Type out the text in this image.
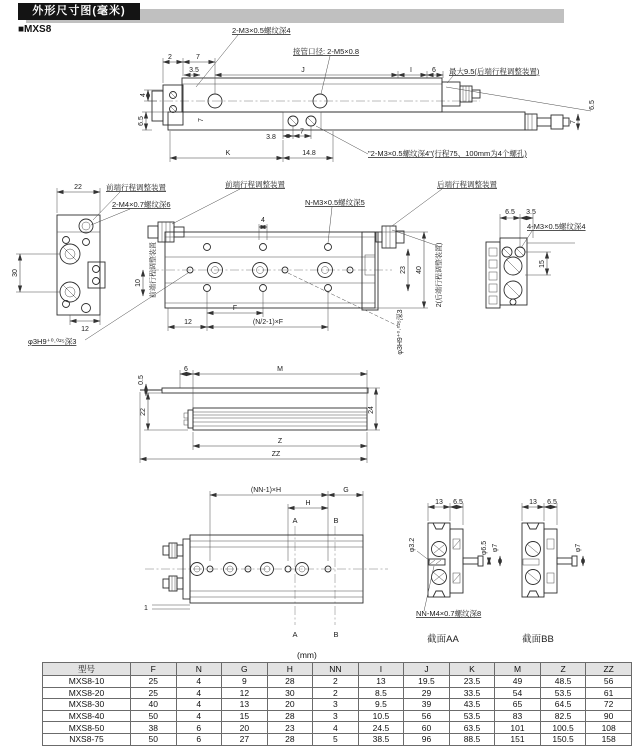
外形尺寸图(毫米)
■MXS8
2	7
3.5	J	I	6
4
6.5	7
3.8
7
K	14.8
7
6.5
2-M3×0.5螺纹深4
接管口径: 2-M5×0.8
最大9.5(后端行程调整装置)
"2-M3×0.5螺纹深4"(行程75、100mm为4个螺孔)
22	前端行程调整装置
2-M4×0.7螺纹深6
30
12
前端行程调整装置
4
N-M3×0.5螺纹深5
后端行程调整装置
40
23	2(后端行程调整装置)
10 前端行程调整装置
F
12	(N/2-1)×F
φ3H9⁺⁰·⁰²⁵深3	φ3H9⁺⁰·⁰²⁵深3
6.5 3.5
4-M3×0.5螺纹深4
15
0.5
6	M
22	24
Z
ZZ
(NN-1)×H	G
H
A	B
A	B
1
13 6.5
φ3.2	φ6.5 φ7
NN-M4×0.7螺纹深8
截面AA
13 6.5
φ7
截面BB
(mm)
型号	F	N	G	H	NN	I	J	K	M	Z	ZZ
MXS8-10	25	4	9	28	2	13	19.5	23.5	49	48.5	56
MXS8-20	25	4	12	30	2	8.5	29	33.5	54	53.5	61
MXS8-30	40	4	13	20	3	9.5	39	43.5	65	64.5	72
MXS8-40	50	4	15	28	3	10.5	56	53.5	83	82.5	90
MXS8-50	38	6	20	23	4	24.5	60	63.5	101	100.5	108
NXS8-75	50	6	27	28	5	38.5	96	88.5	151	150.5	158
